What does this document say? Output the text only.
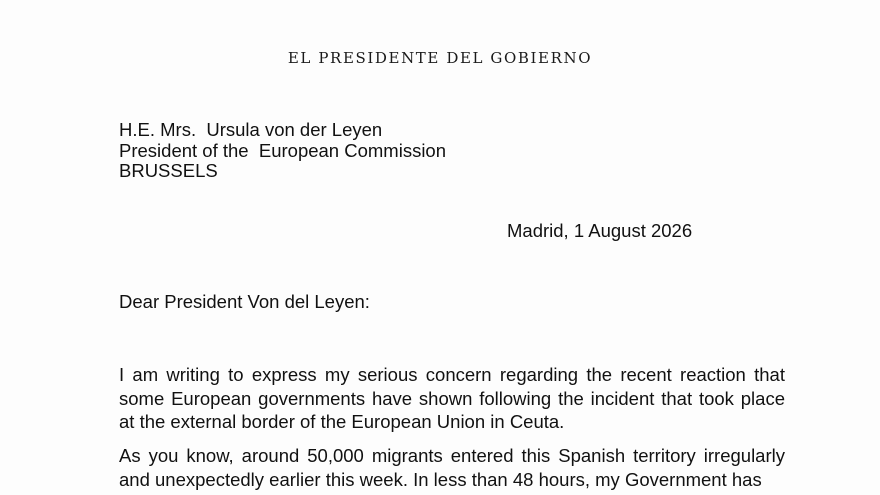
EL PRESIDENTE DEL GOBIERNO
H.E. Mrs.  Ursula von der Leyen
President of the  European Commission
BRUSSELS
Madrid, 1 August 2026
Dear President Von del Leyen:
I am writing to express my serious concern regarding the recent reaction that some European governments have shown following the incident that took place at the external border of the European Union in Ceuta.
As you know, around 50,000 migrants entered this Spanish territory irregularly and unexpectedly earlier this week. In less than 48 hours, my Government has
